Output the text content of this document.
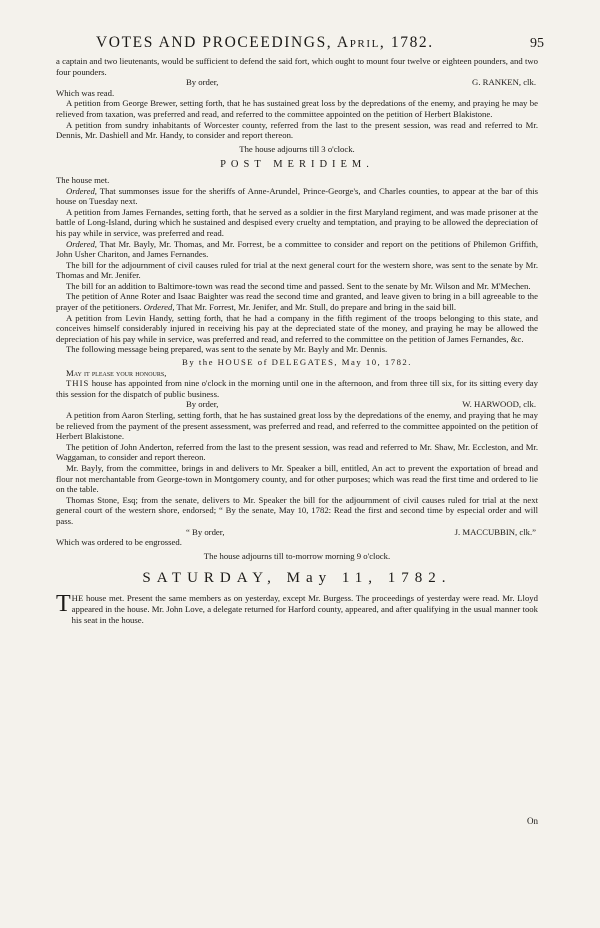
VOTES AND PROCEEDINGS, April, 1782.	95

a captain and two lieutenants, would be sufficient to defend the said fort, which ought to mount four twelve or eighteen pounders, and two four pounders.

By order,	G. RANKEN, clk.

Which was read.

A petition from George Brewer, setting forth, that he has sustained great loss by the depredations of the enemy, and praying he may be relieved from taxation, was preferred and read, and referred to the committee appointed on the petition of Herbert Blakistone.

A petition from sundry inhabitants of Worcester county, referred from the last to the present session, was read and referred to Mr. Dennis, Mr. Dashiell and Mr. Handy, to consider and report thereon.

The house adjourns till 3 o'clock.
POST MERIDIEM.

The house met.

Ordered, That summonses issue for the sheriffs of Anne-Arundel, Prince-George's, and Charles counties, to appear at the bar of this house on Tuesday next.

A petition from James Fernandes, setting forth, that he served as a soldier in the first Maryland regiment, and was made prisoner at the battle of Long-Island, during which he sustained and despised every cruelty and temptation, and praying to be allowed the depreciation of his pay while in service, was preferred and read.

Ordered, That Mr. Bayly, Mr. Thomas, and Mr. Forrest, be a committee to consider and report on the petitions of Philemon Griffith, John Usher Chariton, and James Fernandes.

The bill for the adjournment of civil causes ruled for trial at the next general court for the western shore, was sent to the senate by Mr. Thomas and Mr. Jenifer.

The bill for an addition to Baltimore-town was read the second time and passed. Sent to the senate by Mr. Wilson and Mr. M'Mechen.

The petition of Anne Roter and Isaac Baighter was read the second time and granted, and leave given to bring in a bill agreeable to the prayer of the petitioners. Ordered, That Mr. Forrest, Mr. Jenifer, and Mr. Stull, do prepare and bring in the said bill.

A petition from Levin Handy, setting forth, that he had a company in the fifth regiment of the troops belonging to this state, and conceives himself considerably injured in receiving his pay at the depreciated state of the money, and praying he may be allowed the depreciation of his pay while in service, was preferred and read, and referred to the committee on the petition of James Fernandes, &c.

The following message being prepared, was sent to the senate by Mr. Bayly and Mr. Dennis.

By the HOUSE of DELEGATES, May 10, 1782.

May it please your honours,

THIS house has appointed from nine o'clock in the morning until one in the afternoon, and from three till six, for its sitting every day this session for the dispatch of public business.

By order,	W. HARWOOD, clk.

A petition from Aaron Sterling, setting forth, that he has sustained great loss by the depredations of the enemy, and praying that he may be relieved from the payment of the present assessment, was preferred and read, and referred to the committee appointed on the petition of Herbert Blakistone.

The petition of John Anderton, referred from the last to the present session, was read and referred to Mr. Shaw, Mr. Eccleston, and Mr. Waggaman, to consider and report thereon.

Mr. Bayly, from the committee, brings in and delivers to Mr. Speaker a bill, entitled, An act to prevent the exportation of bread and flour not merchantable from George-town in Montgomery county, and for other purposes; which was read the first time and ordered to lie on the table.

Thomas Stone, Esq; from the senate, delivers to Mr. Speaker the bill for the adjournment of civil causes ruled for trial at the next general court of the western shore, endorsed; “ By the senate, May 10, 1782: Read the first and second time by especial order and will pass.

“ By order,	J. MACCUBBIN, clk.”

Which was ordered to be engrossed.

The house adjourns till to-morrow morning 9 o'clock.
SATURDAY, May 11, 1782.

THE house met. Present the same members as on yesterday, except Mr. Burgess. The proceedings of yesterday were read. Mr. Lloyd appeared in the house. Mr. John Love, a delegate returned for Harford county, appeared, and after qualifying in the usual manner took his seat in the house.

On
